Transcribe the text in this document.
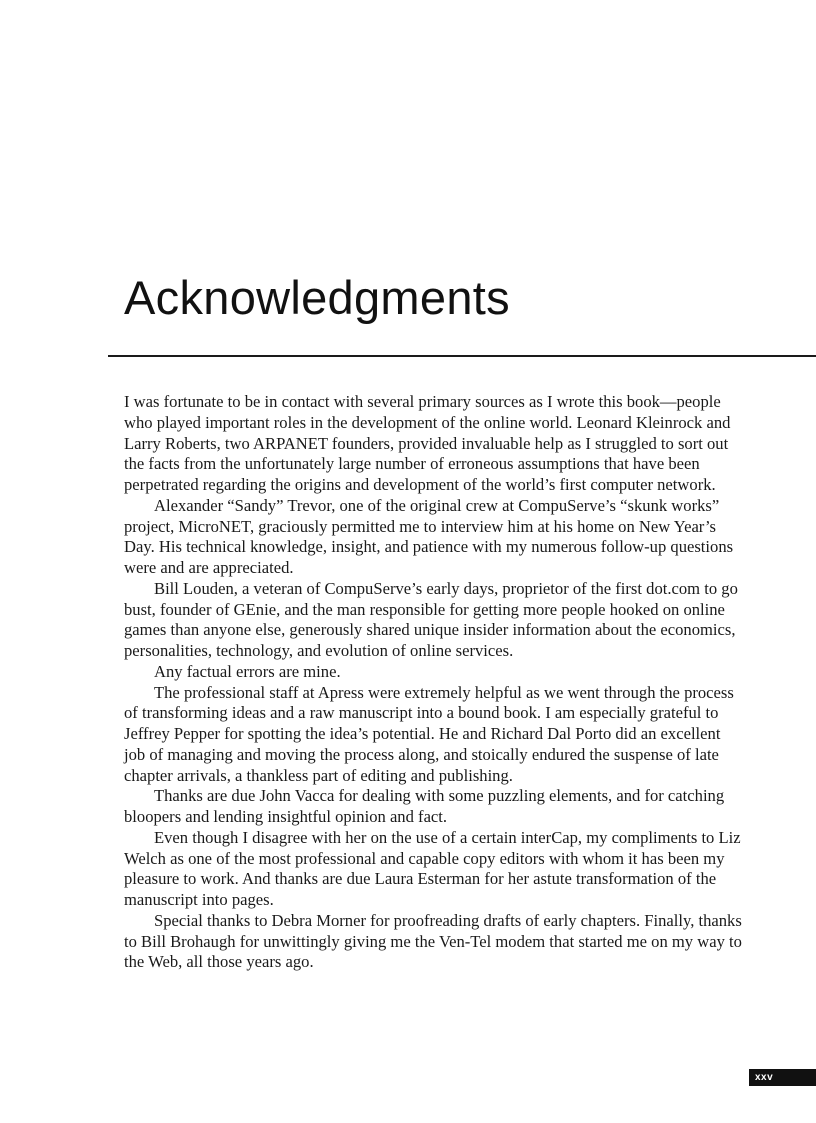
Acknowledgments

I was fortunate to be in contact with several primary sources as I wrote this book—people who played important roles in the development of the online world. Leonard Kleinrock and Larry Roberts, two ARPANET founders, provided invaluable help as I struggled to sort out the facts from the unfortunately large number of erroneous assumptions that have been perpetrated regarding the origins and development of the world’s first computer network.

Alexander “Sandy” Trevor, one of the original crew at CompuServe’s “skunk works” project, MicroNET, graciously permitted me to interview him at his home on New Year’s Day. His technical knowledge, insight, and patience with my numerous follow-up questions were and are appreciated.

Bill Louden, a veteran of CompuServe’s early days, proprietor of the first dot.com to go bust, founder of GEnie, and the man responsible for getting more people hooked on online games than anyone else, generously shared unique insider information about the economics, personalities, technology, and evolution of online services.

Any factual errors are mine.

The professional staff at Apress were extremely helpful as we went through the process of transforming ideas and a raw manuscript into a bound book. I am especially grateful to Jeffrey Pepper for spotting the idea’s potential. He and Richard Dal Porto did an excellent job of managing and moving the process along, and stoically endured the suspense of late chapter arrivals, a thankless part of editing and publishing.

Thanks are due John Vacca for dealing with some puzzling elements, and for catching bloopers and lending insightful opinion and fact.

Even though I disagree with her on the use of a certain interCap, my compliments to Liz Welch as one of the most professional and capable copy editors with whom it has been my pleasure to work. And thanks are due Laura Esterman for her astute transformation of the manuscript into pages.

Special thanks to Debra Morner for proofreading drafts of early chapters. Finally, thanks to Bill Brohaugh for unwittingly giving me the Ven-Tel modem that started me on my way to the Web, all those years ago.

xxv
